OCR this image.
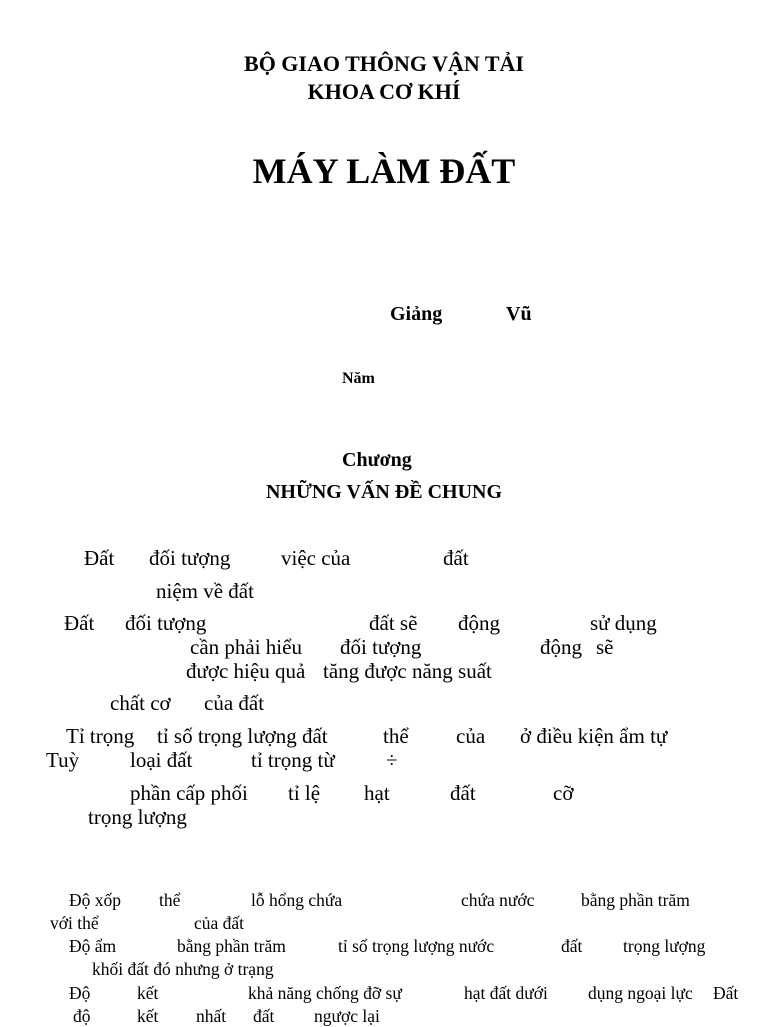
BỘ GIAO THÔNG VẬN TẢI
KHOA CƠ KHÍ
MÁY LÀM ĐẤT
Giảng	Vũ
Năm
Chương
NHỮNG VẤN ĐỀ CHUNG
Đất đối tượng việc của	đất
niệm về đất
Đất đối tượng	đất sẽ động	sử dụng
cần phải hiểu đối tượng	động sẽ
được hiệu quả tăng được năng suất
chất cơ của đất
Tỉ trọng tỉ số trọng lượng đất	thể của ở điều kiện ẩm tự
Tuỳ loại đất	tỉ trọng từ ÷
phần cấp phối tỉ lệ hạt	đất	cỡ
trọng lượng
Độ xốp thể	lỗ hổng chứa	chứa nước	bằng phần trăm
với thể	của đất
Độ ẩm	bằng phần trăm	tỉ số trọng lượng nước	đất trọng lượng
khối đất đó nhưng ở trạng
Độ	kết	khả năng chống đỡ sự	hạt đất dưới dụng ngoại lực Đất
độ	kết nhất đất ngược lại
